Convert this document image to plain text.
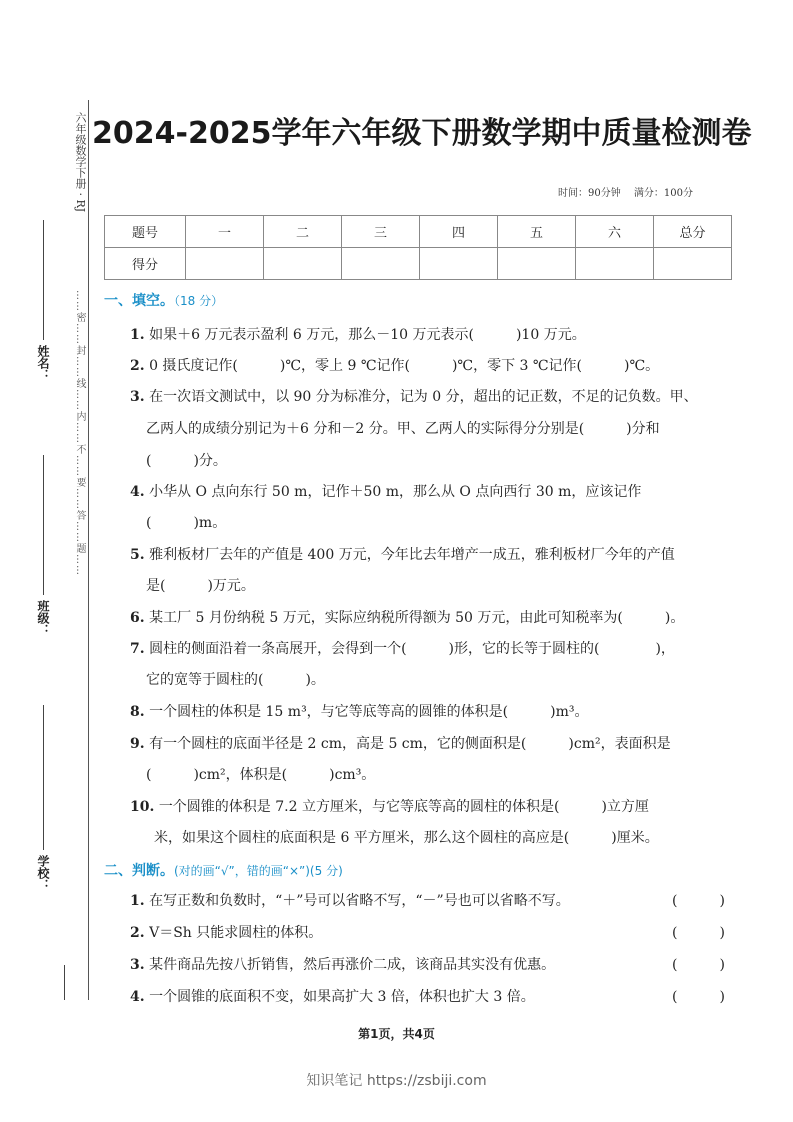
六年级数学下册 · RJ
……密……封……线……内……不……要……答……题……
姓名：
班级：
学校：
2024-2025学年六年级下册数学期中质量检测卷
时间：90分钟　 满分：100分
题号	一	二	三	四	五	六	总分
得分							
一、填空。（18 分）
1. 如果＋6 万元表示盈利 6 万元，那么－10 万元表示(　　　)10 万元。
2. 0 摄氏度记作(　　　)℃，零上 9 ℃记作(　　　)℃，零下 3 ℃记作(　　　)℃。
3. 在一次语文测试中，以 90 分为标准分，记为 0 分，超出的记正数，不足的记负数。甲、
乙两人的成绩分别记为＋6 分和－2 分。甲、乙两人的实际得分分别是(　　　)分和
(　　　)分。
4. 小华从 O 点向东行 50 m，记作＋50 m，那么从 O 点向西行 30 m，应该记作
(　　　)m。
5. 雅利板材厂去年的产值是 400 万元，今年比去年增产一成五，雅利板材厂今年的产值
是(　　　)万元。
6. 某工厂 5 月份纳税 5 万元，实际应纳税所得额为 50 万元，由此可知税率为(　　　)。
7. 圆柱的侧面沿着一条高展开，会得到一个(　　　)形，它的长等于圆柱的(　　　　)，
它的宽等于圆柱的(　　　)。
8. 一个圆柱的体积是 15 m³，与它等底等高的圆锥的体积是(　　　)m³。
9. 有一个圆柱的底面半径是 2 cm，高是 5 cm，它的侧面积是(　　　)cm²，表面积是
(　　　)cm²，体积是(　　　)cm³。
10. 一个圆锥的体积是 7.2 立方厘米，与它等底等高的圆柱的体积是(　　　)立方厘
米，如果这个圆柱的底面积是 6 平方厘米，那么这个圆柱的高应是(　　　)厘米。
二、判断。(对的画“√”，错的画“×”)(5 分)
1. 在写正数和负数时，“＋”号可以省略不写，“－”号也可以省略不写。	(　　　)
2. V＝Sh 只能求圆柱的体积。	(　　　)
3. 某件商品先按八折销售，然后再涨价二成，该商品其实没有优惠。	(　　　)
4. 一个圆锥的底面积不变，如果高扩大 3 倍，体积也扩大 3 倍。	(　　　)
第1页，共4页
知识笔记 https://zsbiji.com
